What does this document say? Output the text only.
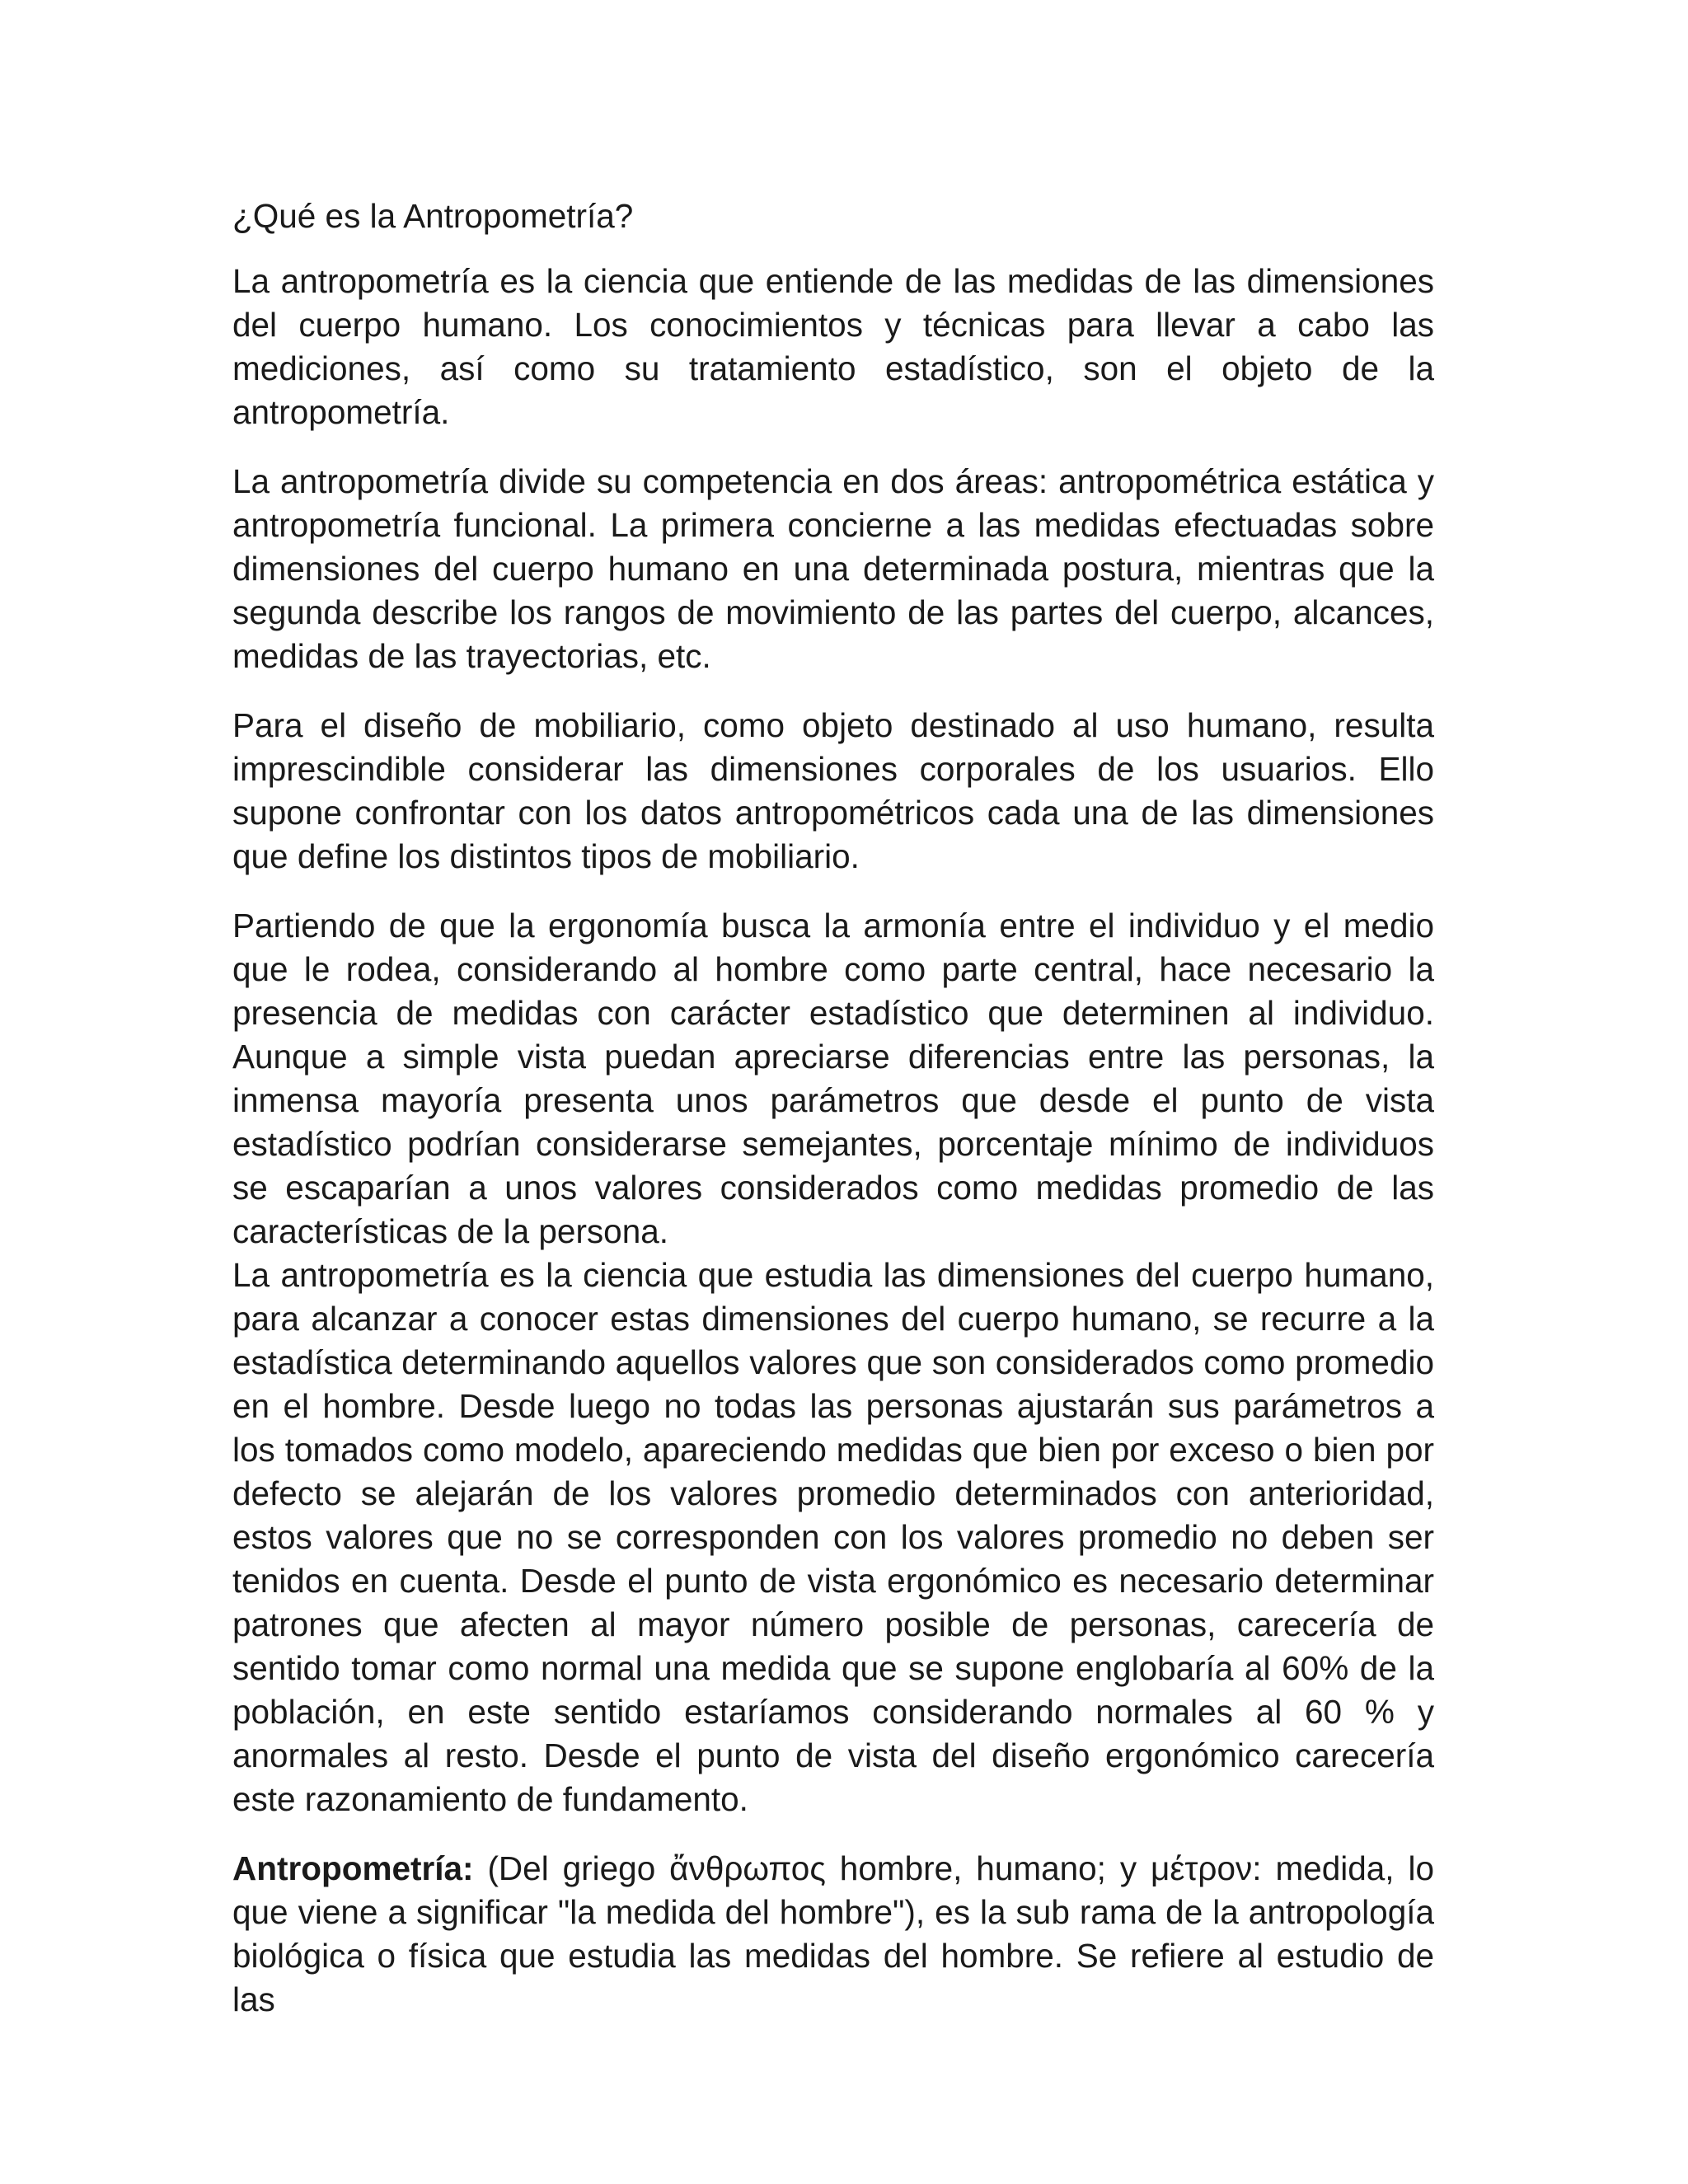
¿Qué es la Antropometría?

La antropometría es la ciencia que entiende de las medidas de las dimensiones del cuerpo humano. Los conocimientos y técnicas para llevar a cabo las mediciones, así como su tratamiento estadístico, son el objeto de la antropometría.

La antropometría divide su competencia en dos áreas: antropométrica estática y antropometría funcional. La primera concierne a las medidas efectuadas sobre dimensiones del cuerpo humano en una determinada postura, mientras que la segunda describe los rangos de movimiento de las partes del cuerpo, alcances, medidas de las trayectorias, etc.

Para el diseño de mobiliario, como objeto destinado al uso humano, resulta imprescindible considerar las dimensiones corporales de los usuarios. Ello supone confrontar con los datos antropométricos cada una de las dimensiones que define los distintos tipos de mobiliario.

Partiendo de que la ergonomía busca la armonía entre el individuo y el medio que le rodea, considerando al hombre como parte central, hace necesario la presencia de medidas con carácter estadístico que determinen al individuo. Aunque a simple vista puedan apreciarse diferencias entre las personas, la inmensa mayoría presenta unos parámetros que desde el punto de vista estadístico podrían considerarse semejantes, porcentaje mínimo de individuos se escaparían a unos valores considerados como medidas promedio de las características de la persona.

La antropometría es la ciencia que estudia las dimensiones del cuerpo humano, para alcanzar a conocer estas dimensiones del cuerpo humano, se recurre a la estadística determinando aquellos valores que son considerados como promedio en el hombre. Desde luego no todas las personas ajustarán sus parámetros a los tomados como modelo, apareciendo medidas que bien por exceso o bien por defecto se alejarán de los valores promedio determinados con anterioridad, estos valores que no se corresponden con los valores promedio no deben ser tenidos en cuenta. Desde el punto de vista ergonómico es necesario determinar patrones que afecten al mayor número posible de personas, carecería de sentido tomar como normal una medida que se supone englobaría al 60% de la población, en este sentido estaríamos considerando normales al 60 % y anormales al resto. Desde el punto de vista del diseño ergonómico carecería este razonamiento de fundamento.

Antropometría: (Del griego ἄνθρωπος hombre, humano; y μέτρον: medida, lo que viene a significar "la medida del hombre"), es la sub rama de la antropología biológica o física que estudia las medidas del hombre. Se refiere al estudio de las
